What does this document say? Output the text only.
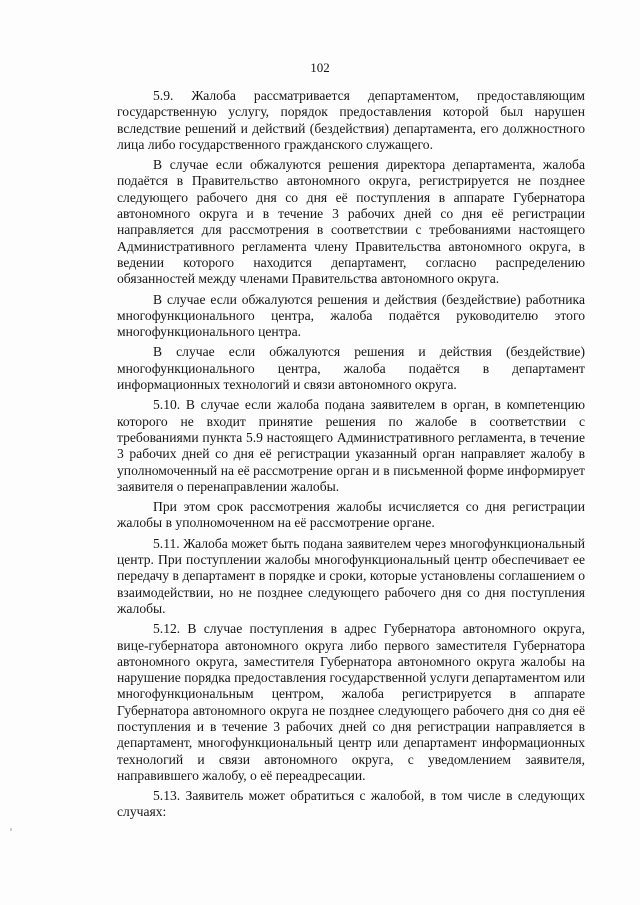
102

5.9. Жалоба рассматривается департаментом, предоставляющим государственную услугу, порядок предоставления которой был нарушен вследствие решений и действий (бездействия) департамента, его должностного лица либо государственного гражданского служащего.

В случае если обжалуются решения директора департамента, жалоба подаётся в Правительство автономного округа, регистрируется не позднее следующего рабочего дня со дня её поступления в аппарате Губернатора автономного округа и в течение 3 рабочих дней со дня её регистрации направляется для рассмотрения в соответствии с требованиями настоящего Административного регламента члену Правительства автономного округа, в ведении которого находится департамент, согласно распределению обязанностей между членами Правительства автономного округа.

В случае если обжалуются решения и действия (бездействие) работника многофункционального центра, жалоба подаётся руководителю этого многофункционального центра.

В случае если обжалуются решения и действия (бездействие) многофункционального центра, жалоба подаётся в департамент информационных технологий и связи автономного округа.

5.10. В случае если жалоба подана заявителем в орган, в компетенцию которого не входит принятие решения по жалобе в соответствии с требованиями пункта 5.9 настоящего Административного регламента, в течение 3 рабочих дней со дня её регистрации указанный орган направляет жалобу в уполномоченный на её рассмотрение орган и в письменной форме информирует заявителя о перенаправлении жалобы.

При этом срок рассмотрения жалобы исчисляется со дня регистрации жалобы в уполномоченном на её рассмотрение органе.

5.11. Жалоба может быть подана заявителем через многофункциональный центр. При поступлении жалобы многофункциональный центр обеспечивает ее передачу в департамент в порядке и сроки, которые установлены соглашением о взаимодействии, но не позднее следующего рабочего дня со дня поступления жалобы.

5.12. В случае поступления в адрес Губернатора автономного округа, вице-губернатора автономного округа либо первого заместителя Губернатора автономного округа, заместителя Губернатора автономного округа жалобы на нарушение порядка предоставления государственной услуги департаментом или многофункциональным центром, жалоба регистрируется в аппарате Губернатора автономного округа не позднее следующего рабочего дня со дня её поступления и в течение 3 рабочих дней со дня регистрации направляется в департамент, многофункциональный центр или департамент информационных технологий и связи автономного округа, с уведомлением заявителя, направившего жалобу, о её переадресации.

5.13. Заявитель может обратиться с жалобой, в том числе в следующих случаях:
